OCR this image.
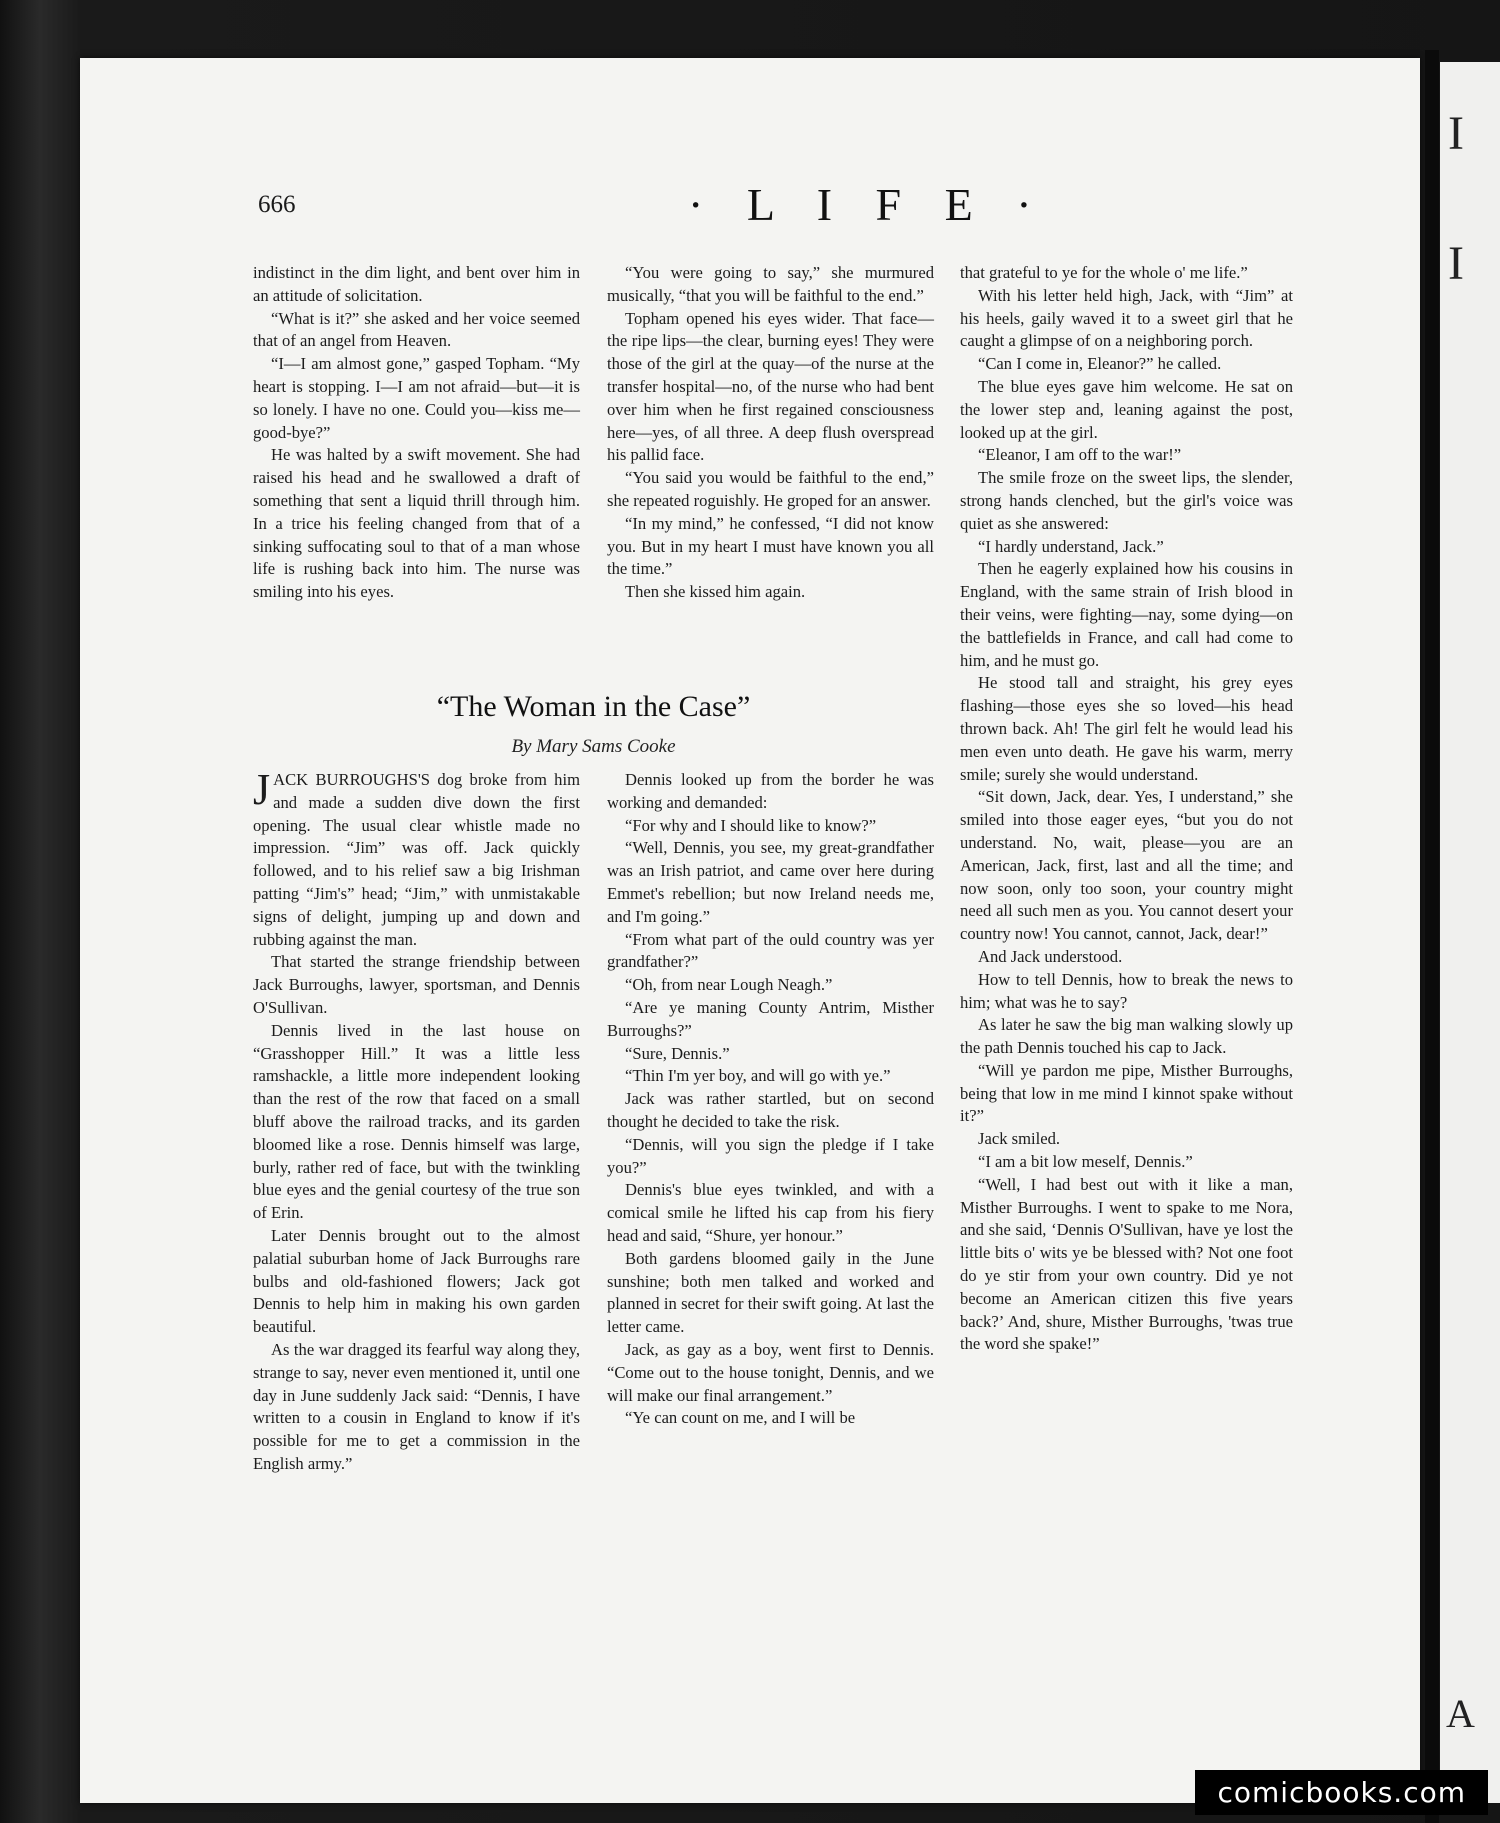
I
I
A
666	· L I F E ·

indistinct in the dim light, and bent over him in an attitude of solicitation.

“What is it?” she asked and her voice seemed that of an angel from Heaven.

“I—I am almost gone,” gasped Topham. “My heart is stopping. I—I am not afraid—but—it is so lonely. I have no one. Could you—kiss me—good-bye?”

He was halted by a swift movement. She had raised his head and he swallowed a draft of something that sent a liquid thrill through him. In a trice his feeling changed from that of a sinking suffocating soul to that of a man whose life is rushing back into him. The nurse was smiling into his eyes.

“You were going to say,” she murmured musically, “that you will be faithful to the end.”

Topham opened his eyes wider. That face—the ripe lips—the clear, burning eyes! They were those of the girl at the quay—of the nurse at the transfer hospital—no, of the nurse who had bent over him when he first regained consciousness here—yes, of all three. A deep flush overspread his pallid face.

“You said you would be faithful to the end,” she repeated roguishly. He groped for an answer.

“In my mind,” he confessed, “I did not know you. But in my heart I must have known you all the time.”

Then she kissed him again.

that grateful to ye for the whole o' me life.”

With his letter held high, Jack, with “Jim” at his heels, gaily waved it to a sweet girl that he caught a glimpse of on a neighboring porch.

“Can I come in, Eleanor?” he called.

The blue eyes gave him welcome. He sat on the lower step and, leaning against the post, looked up at the girl.

“Eleanor, I am off to the war!”

The smile froze on the sweet lips, the slender, strong hands clenched, but the girl's voice was quiet as she answered:

“I hardly understand, Jack.”

Then he eagerly explained how his cousins in England, with the same strain of Irish blood in their veins, were fighting—nay, some dying—on the battlefields in France, and call had come to him, and he must go.

He stood tall and straight, his grey eyes flashing—those eyes she so loved—his head thrown back. Ah! The girl felt he would lead his men even unto death. He gave his warm, merry smile; surely she would understand.

“Sit down, Jack, dear. Yes, I understand,” she smiled into those eager eyes, “but you do not understand. No, wait, please—you are an American, Jack, first, last and all the time; and now soon, only too soon, your country might need all such men as you. You cannot desert your country now! You cannot, cannot, Jack, dear!”

And Jack understood.

How to tell Dennis, how to break the news to him; what was he to say?

As later he saw the big man walking slowly up the path Dennis touched his cap to Jack.

“Will ye pardon me pipe, Misther Burroughs, being that low in me mind I kinnot spake without it?”

Jack smiled.

“I am a bit low meself, Dennis.”

“Well, I had best out with it like a man, Misther Burroughs. I went to spake to me Nora, and she said, ‘Dennis O'Sullivan, have ye lost the little bits o' wits ye be blessed with? Not one foot do ye stir from your own country. Did ye not become an American citizen this five years back?’ And, shure, Misther Burroughs, 'twas true the word she spake!”

“The Woman in the Case”
By Mary Sams Cooke

JACK BURROUGHS'S dog broke from him and made a sudden dive down the first opening. The usual clear whistle made no impression. “Jim” was off. Jack quickly followed, and to his relief saw a big Irishman patting “Jim's” head; “Jim,” with unmistakable signs of delight, jumping up and down and rubbing against the man.

That started the strange friendship between Jack Burroughs, lawyer, sportsman, and Dennis O'Sullivan.

Dennis lived in the last house on “Grasshopper Hill.” It was a little less ramshackle, a little more independent looking than the rest of the row that faced on a small bluff above the railroad tracks, and its garden bloomed like a rose. Dennis himself was large, burly, rather red of face, but with the twinkling blue eyes and the genial courtesy of the true son of Erin.

Later Dennis brought out to the almost palatial suburban home of Jack Burroughs rare bulbs and old-fashioned flowers; Jack got Dennis to help him in making his own garden beautiful.

As the war dragged its fearful way along they, strange to say, never even mentioned it, until one day in June suddenly Jack said: “Dennis, I have written to a cousin in England to know if it's possible for me to get a commission in the English army.”

Dennis looked up from the border he was working and demanded:

“For why and I should like to know?”

“Well, Dennis, you see, my great-grandfather was an Irish patriot, and came over here during Emmet's rebellion; but now Ireland needs me, and I'm going.”

“From what part of the ould country was yer grandfather?”

“Oh, from near Lough Neagh.”

“Are ye maning County Antrim, Misther Burroughs?”

“Sure, Dennis.”

“Thin I'm yer boy, and will go with ye.”

Jack was rather startled, but on second thought he decided to take the risk.

“Dennis, will you sign the pledge if I take you?”

Dennis's blue eyes twinkled, and with a comical smile he lifted his cap from his fiery head and said, “Shure, yer honour.”

Both gardens bloomed gaily in the June sunshine; both men talked and worked and planned in secret for their swift going. At last the letter came.

Jack, as gay as a boy, went first to Dennis. “Come out to the house tonight, Dennis, and we will make our final arrangement.”

“Ye can count on me, and I will be

comicbooks.com
